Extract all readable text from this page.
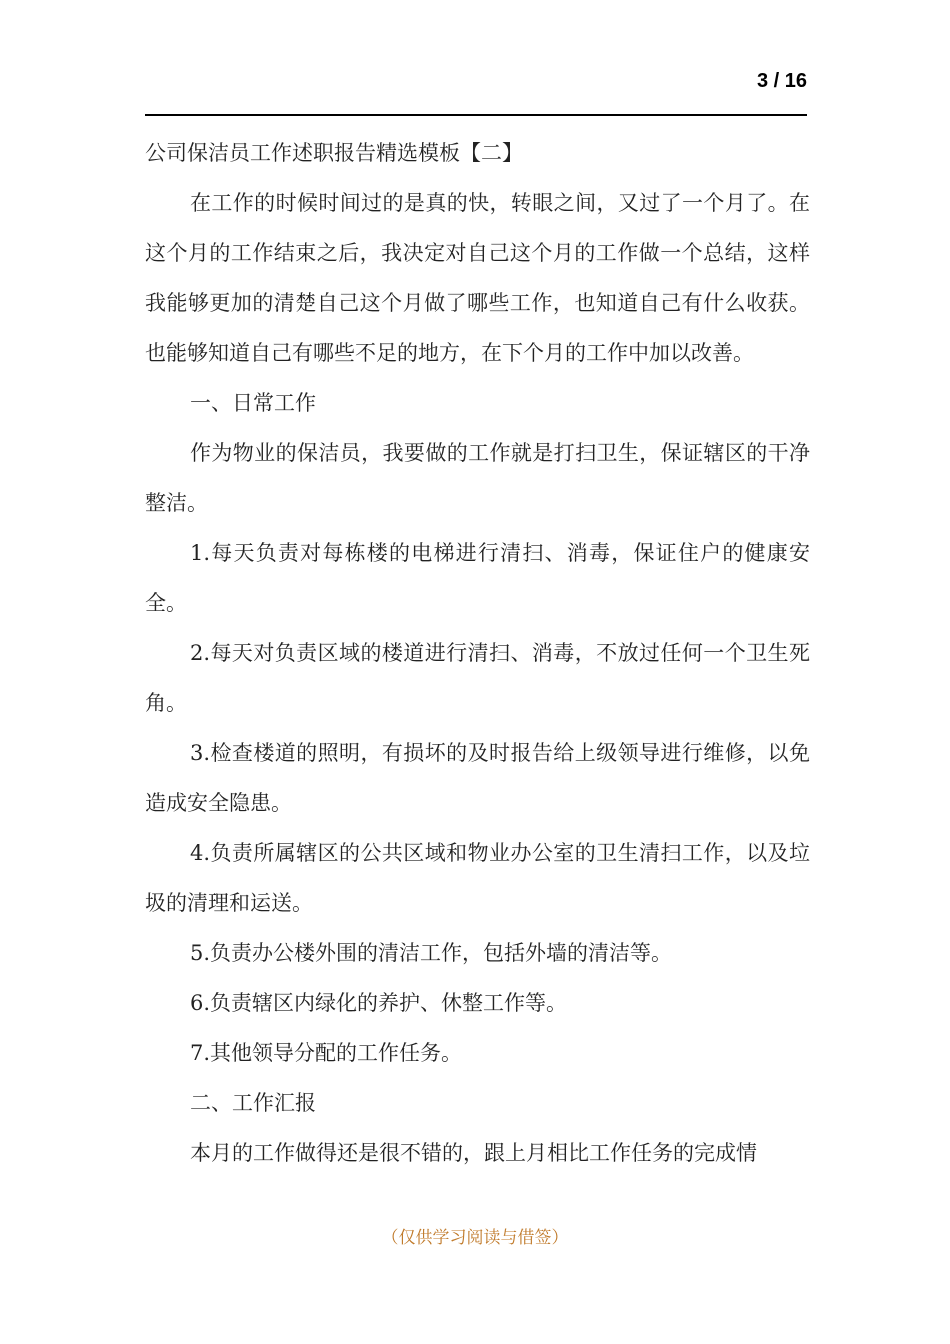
3 / 16

公司保洁员工作述职报告精选模板【二】

在工作的时候时间过的是真的快，转眼之间，又过了一个月了。在这个月的工作结束之后，我决定对自己这个月的工作做一个总结，这样我能够更加的清楚自己这个月做了哪些工作，也知道自己有什么收获。也能够知道自己有哪些不足的地方，在下个月的工作中加以改善。

一、日常工作

作为物业的保洁员，我要做的工作就是打扫卫生，保证辖区的干净整洁。

1.每天负责对每栋楼的电梯进行清扫、消毒，保证住户的健康安全。

2.每天对负责区域的楼道进行清扫、消毒，不放过任何一个卫生死角。

3.检查楼道的照明，有损坏的及时报告给上级领导进行维修，以免造成安全隐患。

4.负责所属辖区的公共区域和物业办公室的卫生清扫工作，以及垃圾的清理和运送。

5.负责办公楼外围的清洁工作，包括外墙的清洁等。

6.负责辖区内绿化的养护、休整工作等。

7.其他领导分配的工作任务。

二、工作汇报

本月的工作做得还是很不错的，跟上月相比工作任务的完成情

（仅供学习阅读与借签）
